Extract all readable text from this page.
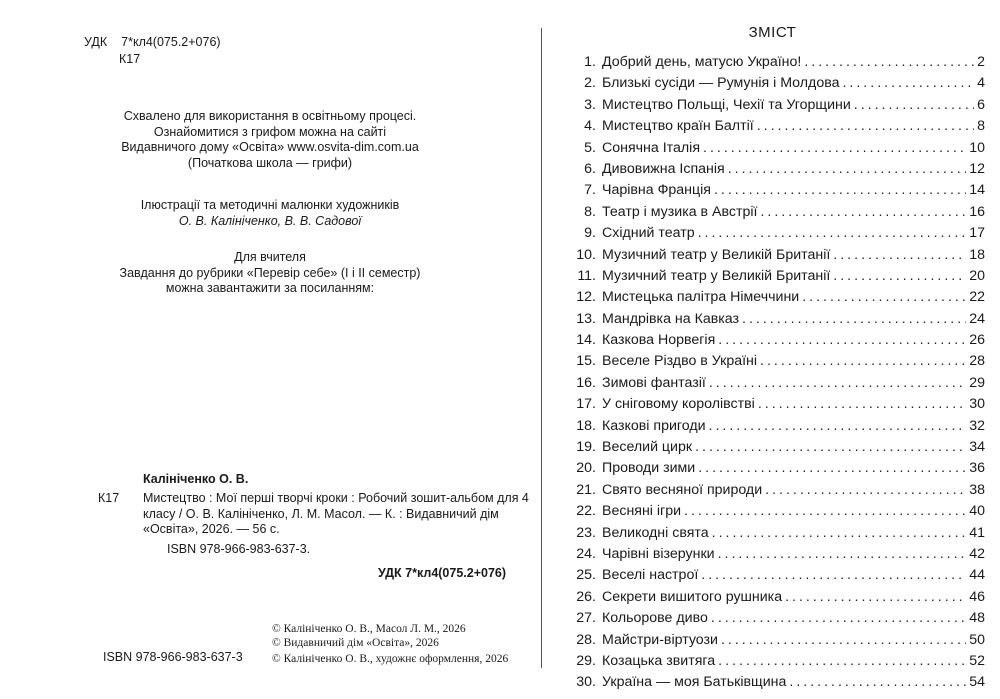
УДК 7*кл4(075.2+076)
К17
Схвалено для використання в освітньому процесі.
Ознайомитися з грифом можна на сайті
Видавничого дому «Освіта» www.osvita-dim.com.ua
(Початкова школа — грифи)
Ілюстрації та методичні малюнки художників
О. В. Калініченко, В. В. Садової
Для вчителя
Завдання до рубрики «Перевір себе» (І і ІІ семестр)
можна завантажити за посиланням:
Калініченко О. В.
К17 Мистецтво : Мої перші творчі кроки : Робочий зошит-альбом для 4 класу / О. В. Калініченко, Л. М. Масол. — К. : Видавничий дім «Освіта», 2026. — 56 с.
ISBN 978-966-983-637-3.
УДК 7*кл4(075.2+076)
ISBN 978-966-983-637-3
© Калініченко О. В., Масол Л. М., 2026
© Видавничий дім «Освіта», 2026
© Калініченко О. В., художнє оформлення, 2026
ЗМІСТ
1. Добрий день, матусю Україно! .....	2
2. Близькі сусіди — Румунія і Молдова .....	4
3. Мистецтво Польщі, Чехії та Угорщини .....	6
4. Мистецтво країн Балтії .....	8
5. Сонячна Італія .....	10
6. Дивовижна Іспанія .....	12
7. Чарівна Франція .....	14
8. Театр і музика в Австрії .....	16
9. Східний театр .....	17
10. Музичний театр у Великій Британії .....	18
11. Музичний театр у Великій Британії .....	20
12. Мистецька палітра Німеччини .....	22
13. Мандрівка на Кавказ .....	24
14. Казкова Норвегія .....	26
15. Веселе Різдво в Україні .....	28
16. Зимові фантазії .....	29
17. У сніговому королівстві .....	30
18. Казкові пригоди .....	32
19. Веселий цирк .....	34
20. Проводи зими .....	36
21. Свято весняної природи .....	38
22. Весняні ігри .....	40
23. Великодні свята .....	41
24. Чарівні візерунки .....	42
25. Веселі настрої .....	44
26. Секрети вишитого рушника .....	46
27. Кольорове диво .....	48
28. Майстри-віртуози .....	50
29. Козацька звитяга .....	52
30. Україна — моя Батьківщина .....	54
